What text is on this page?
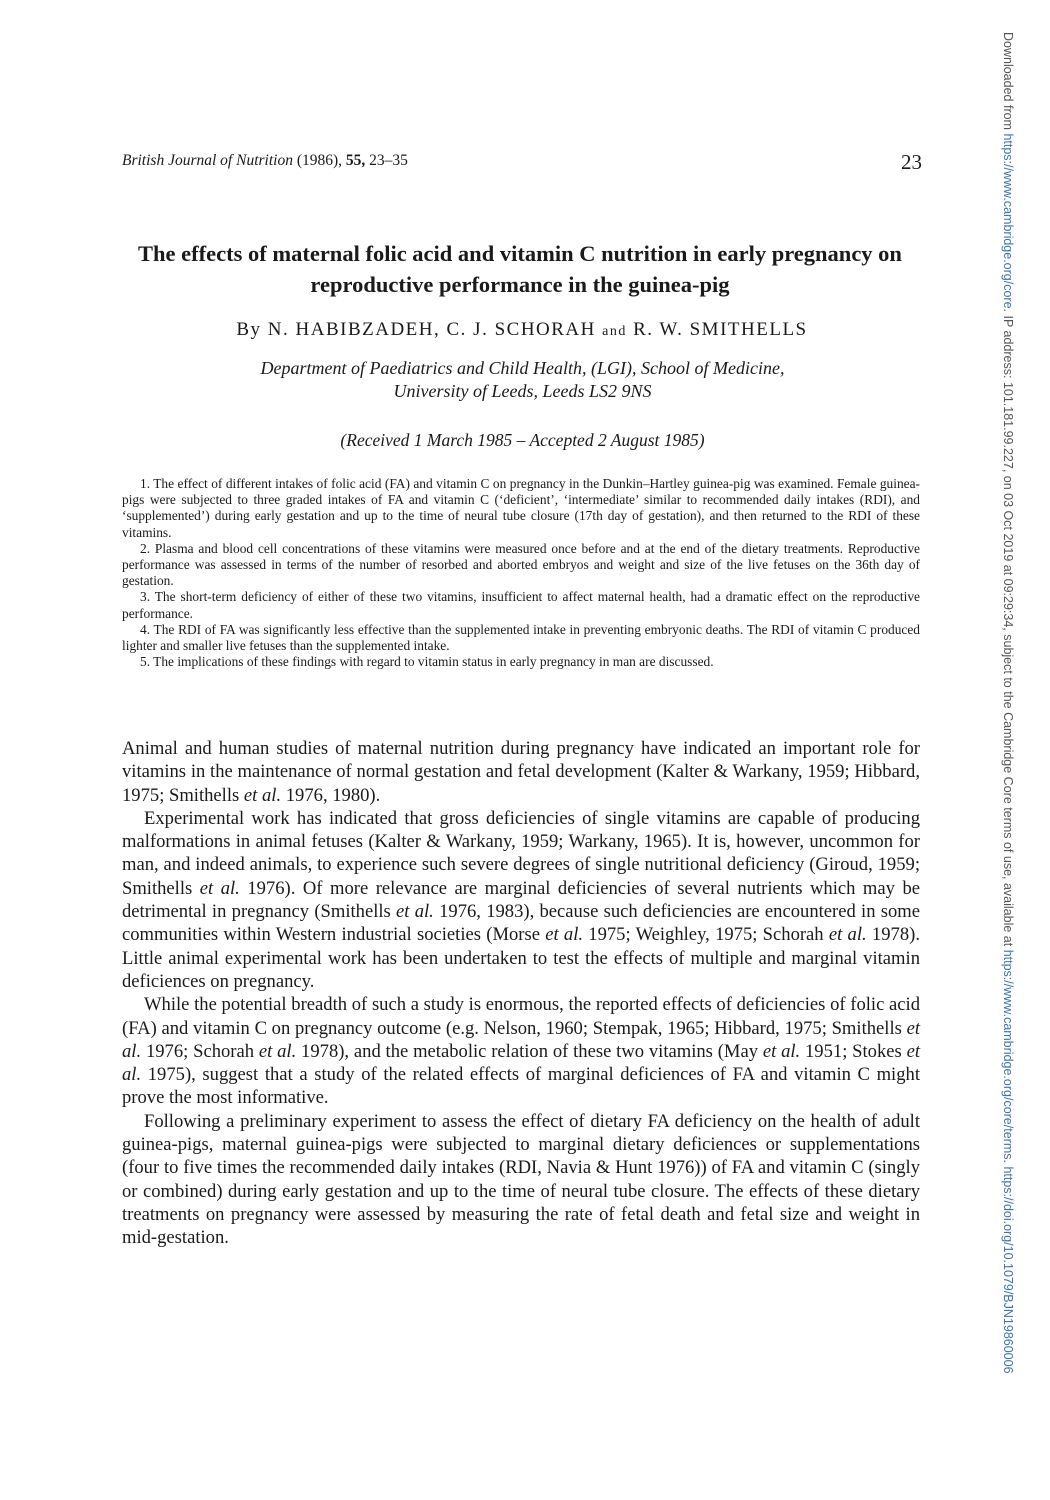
British Journal of Nutrition (1986), 55, 23–35	23
The effects of maternal folic acid and vitamin C nutrition in early pregnancy on reproductive performance in the guinea-pig
By N. HABIBZADEH, C. J. SCHORAH and R. W. SMITHELLS
Department of Paediatrics and Child Health, (LGI), School of Medicine,
University of Leeds, Leeds LS2 9NS
(Received 1 March 1985 – Accepted 2 August 1985)

1. The effect of different intakes of folic acid (FA) and vitamin C on pregnancy in the Dunkin–Hartley guinea-pig was examined. Female guinea-pigs were subjected to three graded intakes of FA and vitamin C (‘deficient’, ‘intermediate’ similar to recommended daily intakes (RDI), and ‘supplemented’) during early gestation and up to the time of neural tube closure (17th day of gestation), and then returned to the RDI of these vitamins.

2. Plasma and blood cell concentrations of these vitamins were measured once before and at the end of the dietary treatments. Reproductive performance was assessed in terms of the number of resorbed and aborted embryos and weight and size of the live fetuses on the 36th day of gestation.

3. The short-term deficiency of either of these two vitamins, insufficient to affect maternal health, had a dramatic effect on the reproductive performance.

4. The RDI of FA was significantly less effective than the supplemented intake in preventing embryonic deaths. The RDI of vitamin C produced lighter and smaller live fetuses than the supplemented intake.

5. The implications of these findings with regard to vitamin status in early pregnancy in man are discussed.

Animal and human studies of maternal nutrition during pregnancy have indicated an important role for vitamins in the maintenance of normal gestation and fetal development (Kalter & Warkany, 1959; Hibbard, 1975; Smithells et al. 1976, 1980).

Experimental work has indicated that gross deficiencies of single vitamins are capable of producing malformations in animal fetuses (Kalter & Warkany, 1959; Warkany, 1965). It is, however, uncommon for man, and indeed animals, to experience such severe degrees of single nutritional deficiency (Giroud, 1959; Smithells et al. 1976). Of more relevance are marginal deficiencies of several nutrients which may be detrimental in pregnancy (Smithells et al. 1976, 1983), because such deficiencies are encountered in some communities within Western industrial societies (Morse et al. 1975; Weighley, 1975; Schorah et al. 1978). Little animal experimental work has been undertaken to test the effects of multiple and marginal vitamin deficiences on pregnancy.

While the potential breadth of such a study is enormous, the reported effects of deficiencies of folic acid (FA) and vitamin C on pregnancy outcome (e.g. Nelson, 1960; Stempak, 1965; Hibbard, 1975; Smithells et al. 1976; Schorah et al. 1978), and the metabolic relation of these two vitamins (May et al. 1951; Stokes et al. 1975), suggest that a study of the related effects of marginal deficiences of FA and vitamin C might prove the most informative.

Following a preliminary experiment to assess the effect of dietary FA deficiency on the health of adult guinea-pigs, maternal guinea-pigs were subjected to marginal dietary deficiences or supplementations (four to five times the recommended daily intakes (RDI, Navia & Hunt 1976)) of FA and vitamin C (singly or combined) during early gestation and up to the time of neural tube closure. The effects of these dietary treatments on pregnancy were assessed by measuring the rate of fetal death and fetal size and weight in mid-gestation.

Downloaded from https://www.cambridge.org/core. IP address: 101.181.99.227, on 03 Oct 2019 at 09:29:34, subject to the Cambridge Core terms of use, available at https://www.cambridge.org/core/terms. https://doi.org/10.1079/BJN19860006
